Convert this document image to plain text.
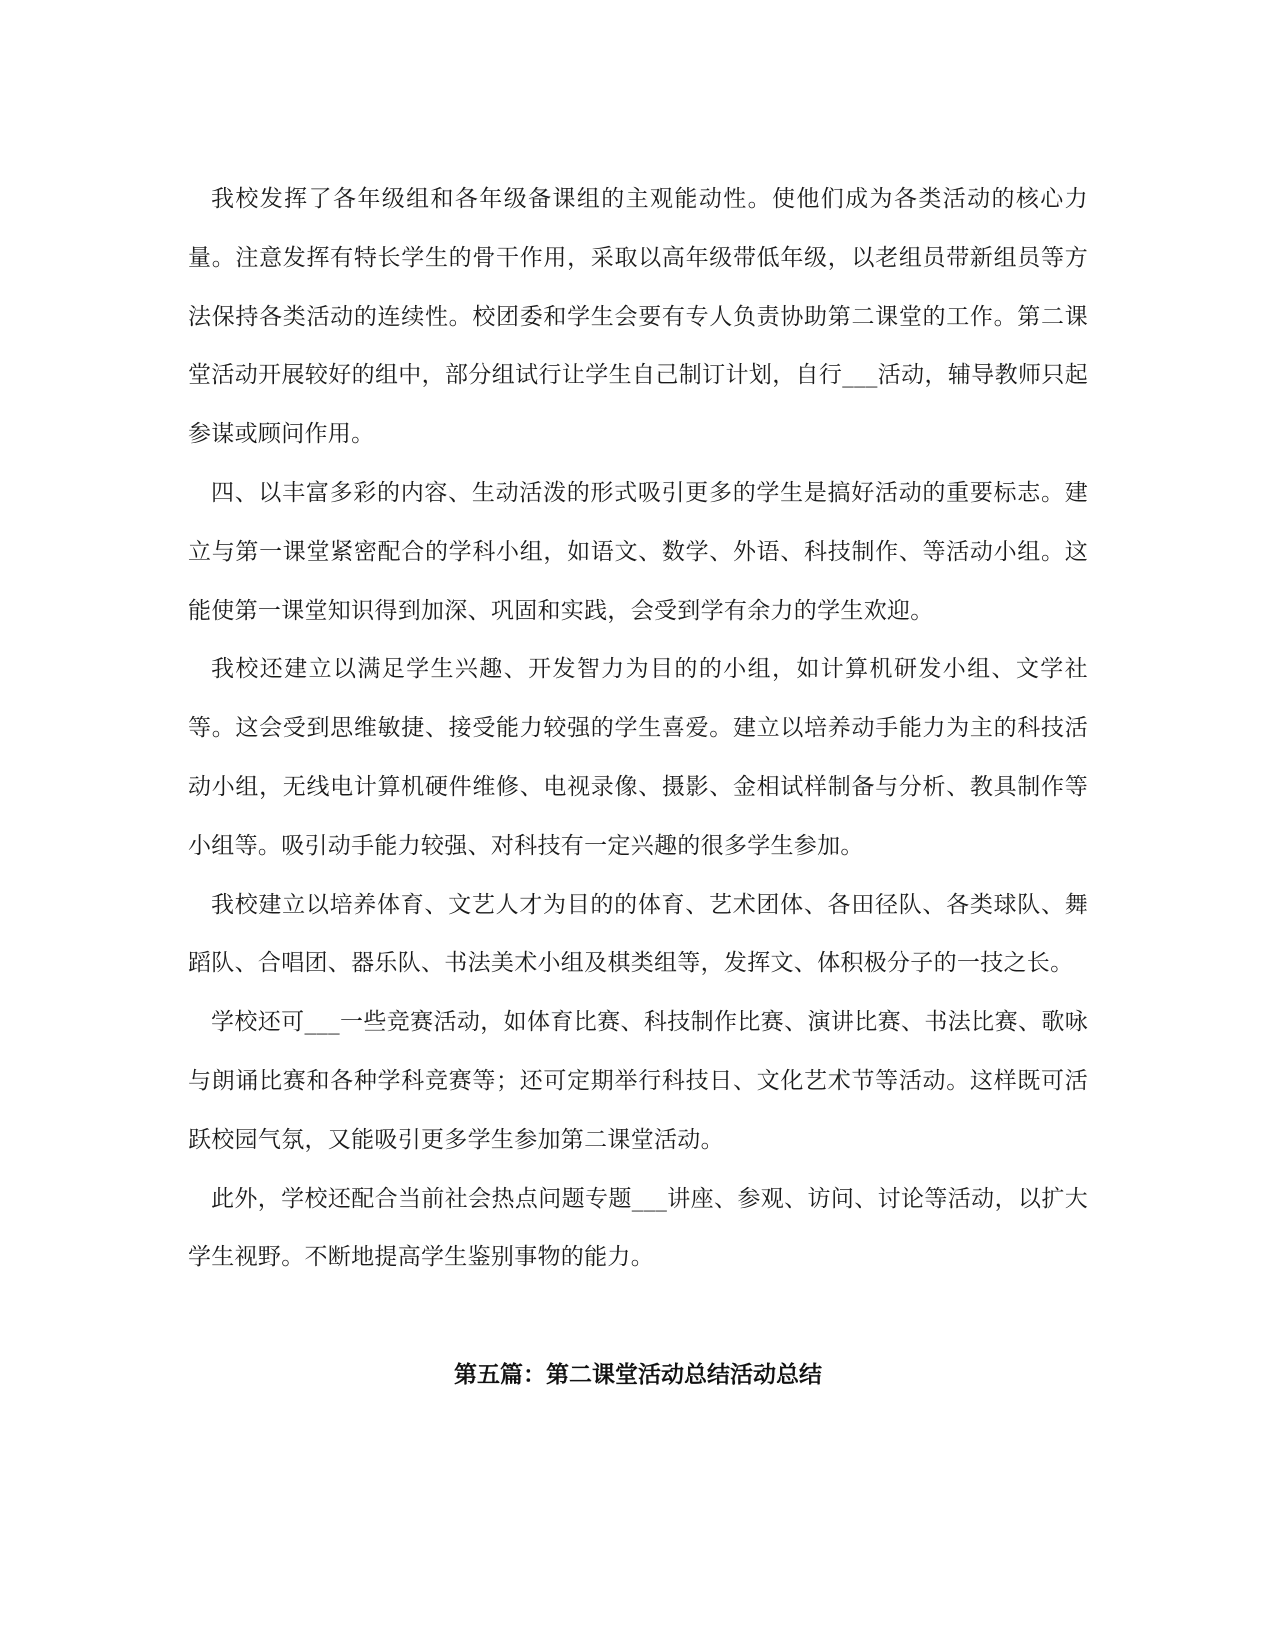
我校发挥了各年级组和各年级备课组的主观能动性。使他们成为各类活动的核心力量。注意发挥有特长学生的骨干作用，采取以高年级带低年级，以老组员带新组员等方法保持各类活动的连续性。校团委和学生会要有专人负责协助第二课堂的工作。第二课堂活动开展较好的组中，部分组试行让学生自己制订计划，自行___活动，辅导教师只起参谋或顾问作用。

四、以丰富多彩的内容、生动活泼的形式吸引更多的学生是搞好活动的重要标志。建立与第一课堂紧密配合的学科小组，如语文、数学、外语、科技制作、等活动小组。这能使第一课堂知识得到加深、巩固和实践，会受到学有余力的学生欢迎。

我校还建立以满足学生兴趣、开发智力为目的的小组，如计算机研发小组、文学社等。这会受到思维敏捷、接受能力较强的学生喜爱。建立以培养动手能力为主的科技活动小组，无线电计算机硬件维修、电视录像、摄影、金相试样制备与分析、教具制作等小组等。吸引动手能力较强、对科技有一定兴趣的很多学生参加。

我校建立以培养体育、文艺人才为目的的体育、艺术团体、各田径队、各类球队、舞蹈队、合唱团、器乐队、书法美术小组及棋类组等，发挥文、体积极分子的一技之长。

学校还可___一些竞赛活动，如体育比赛、科技制作比赛、演讲比赛、书法比赛、歌咏与朗诵比赛和各种学科竞赛等；还可定期举行科技日、文化艺术节等活动。这样既可活跃校园气氛，又能吸引更多学生参加第二课堂活动。

此外，学校还配合当前社会热点问题专题___讲座、参观、访问、讨论等活动，以扩大学生视野。不断地提高学生鉴别事物的能力。

第五篇：第二课堂活动总结活动总结
